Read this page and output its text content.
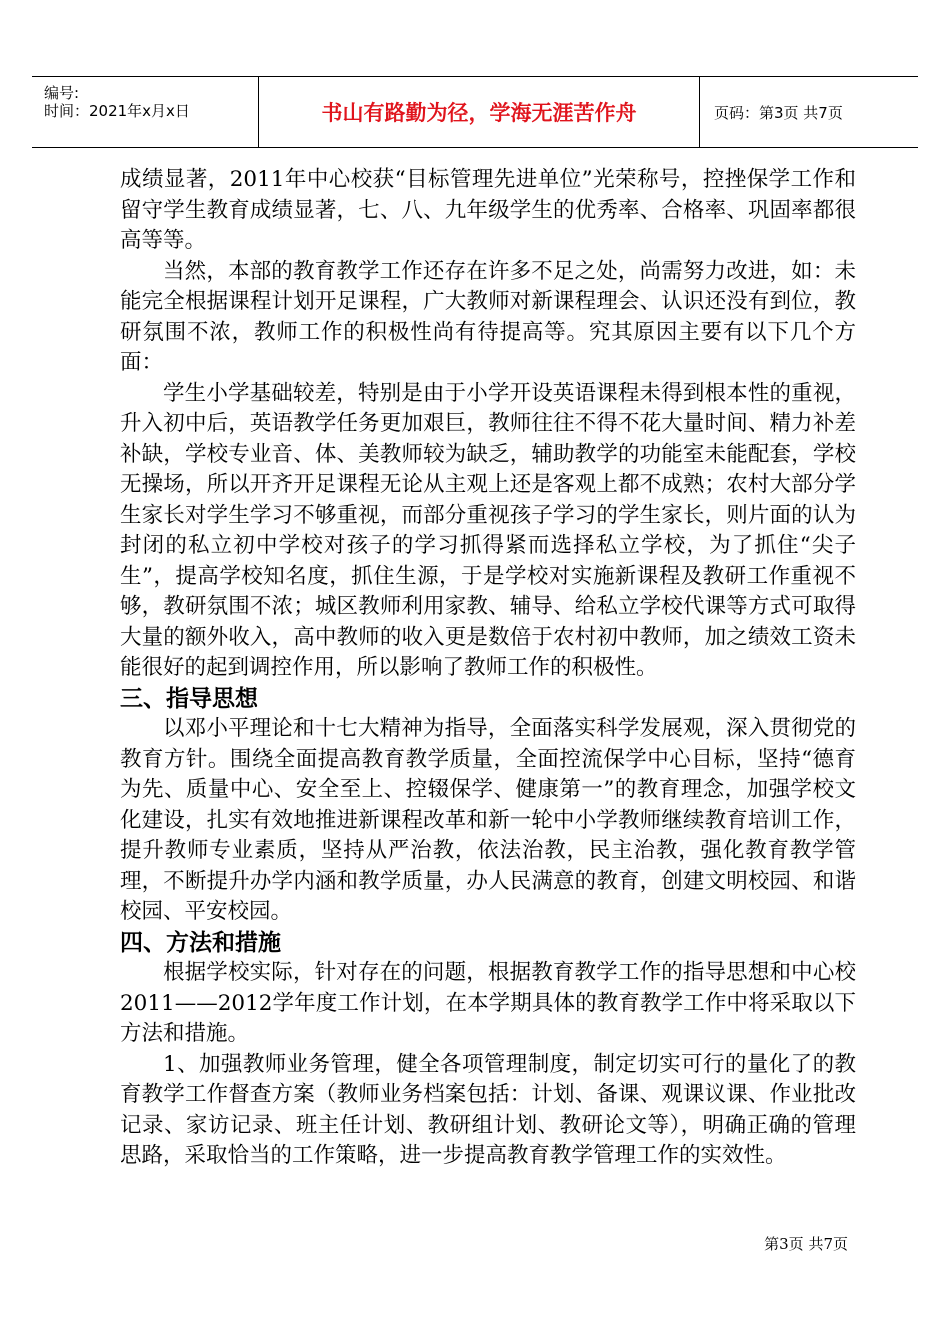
编号:
时间：2021年x月x日	书山有路勤为径，学海无涯苦作舟	页码：第3页 共7页

成绩显著，2011年中心校获“目标管理先进单位”光荣称号，控挫保学工作和留守学生教育成绩显著，七、八、九年级学生的优秀率、合格率、巩固率都很高等等。

当然，本部的教育教学工作还存在许多不足之处，尚需努力改进，如：未能完全根据课程计划开足课程，广大教师对新课程理会、认识还没有到位，教研氛围不浓，教师工作的积极性尚有待提高等。究其原因主要有以下几个方面：

学生小学基础较差，特别是由于小学开设英语课程未得到根本性的重视，升入初中后，英语教学任务更加艰巨，教师往往不得不花大量时间、精力补差补缺，学校专业音、体、美教师较为缺乏，辅助教学的功能室未能配套，学校无操场，所以开齐开足课程无论从主观上还是客观上都不成熟；农村大部分学生家长对学生学习不够重视，而部分重视孩子学习的学生家长，则片面的认为封闭的私立初中学校对孩子的学习抓得紧而选择私立学校，为了抓住“尖子生”，提高学校知名度，抓住生源，于是学校对实施新课程及教研工作重视不够，教研氛围不浓；城区教师利用家教、辅导、给私立学校代课等方式可取得大量的额外收入，高中教师的收入更是数倍于农村初中教师，加之绩效工资未能很好的起到调控作用，所以影响了教师工作的积极性。

三、指导思想

以邓小平理论和十七大精神为指导，全面落实科学发展观，深入贯彻党的教育方针。围绕全面提高教育教学质量，全面控流保学中心目标，坚持“德育为先、质量中心、安全至上、控辍保学、健康第一”的教育理念，加强学校文化建设，扎实有效地推进新课程改革和新一轮中小学教师继续教育培训工作，提升教师专业素质，坚持从严治教，依法治教，民主治教，强化教育教学管理，不断提升办学内涵和教学质量，办人民满意的教育，创建文明校园、和谐校园、平安校园。

四、方法和措施

根据学校实际，针对存在的问题，根据教育教学工作的指导思想和中心校2011——2012学年度工作计划，在本学期具体的教育教学工作中将采取以下方法和措施。

1、加强教师业务管理，健全各项管理制度，制定切实可行的量化了的教育教学工作督查方案（教师业务档案包括：计划、备课、观课议课、作业批改记录、家访记录、班主任计划、教研组计划、教研论文等），明确正确的管理思路，采取恰当的工作策略，进一步提高教育教学管理工作的实效性。

第3页 共7页
